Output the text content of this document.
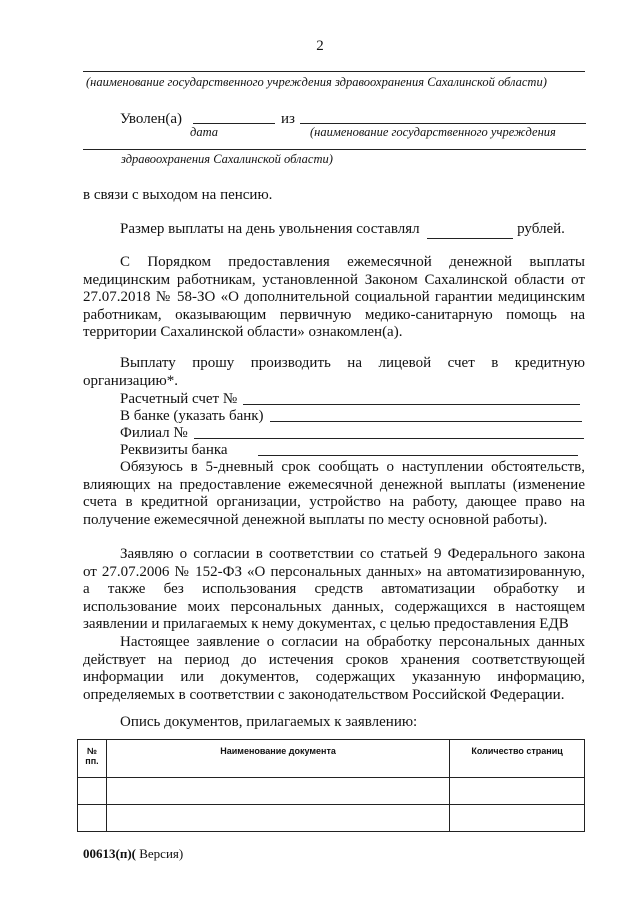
2
(наименование государственного учреждения здравоохранения Сахалинской области)
Уволен(а)
дата
из
(наименование государственного учреждения
здравоохранения Сахалинской области)
в связи с выходом на пенсию.
Размер выплаты на день увольнения составлял	рублей.
С Порядком предоставления ежемесячной денежной выплаты
медицинским работникам, установленной Законом Сахалинской области от
27.07.2018 № 58-ЗО «О дополнительной социальной гарантии медицинским
работникам, оказывающим первичную медико-санитарную помощь на
территории Сахалинской области» ознакомлен(а).
Выплату прошу производить на лицевой счет в кредитную
организацию*.
Расчетный счет №
В банке (указать банк)
Филиал №
Реквизиты банка
Обязуюсь в 5-дневный срок сообщать о наступлении обстоятельств,
влияющих на предоставление ежемесячной денежной выплаты (изменение
счета в кредитной организации, устройство на работу, дающее право на
получение ежемесячной денежной выплаты по месту основной работы).
Заявляю о согласии в соответствии со статьей 9 Федерального закона
от 27.07.2006 № 152-ФЗ «О персональных данных» на автоматизированную,
а также без использования средств автоматизации обработку и
использование моих персональных данных, содержащихся в настоящем
заявлении и прилагаемых к нему документах, с целью предоставления ЕДВ
Настоящее заявление о согласии на обработку персональных данных
действует на период до истечения сроков хранения соответствующей
информации или документов, содержащих указанную информацию,
определяемых в соответствии с законодательством Российской Федерации.
Опись документов, прилагаемых к заявлению:
№
пп.	Наименование документа	Количество страниц

00613(п)( Версия)
